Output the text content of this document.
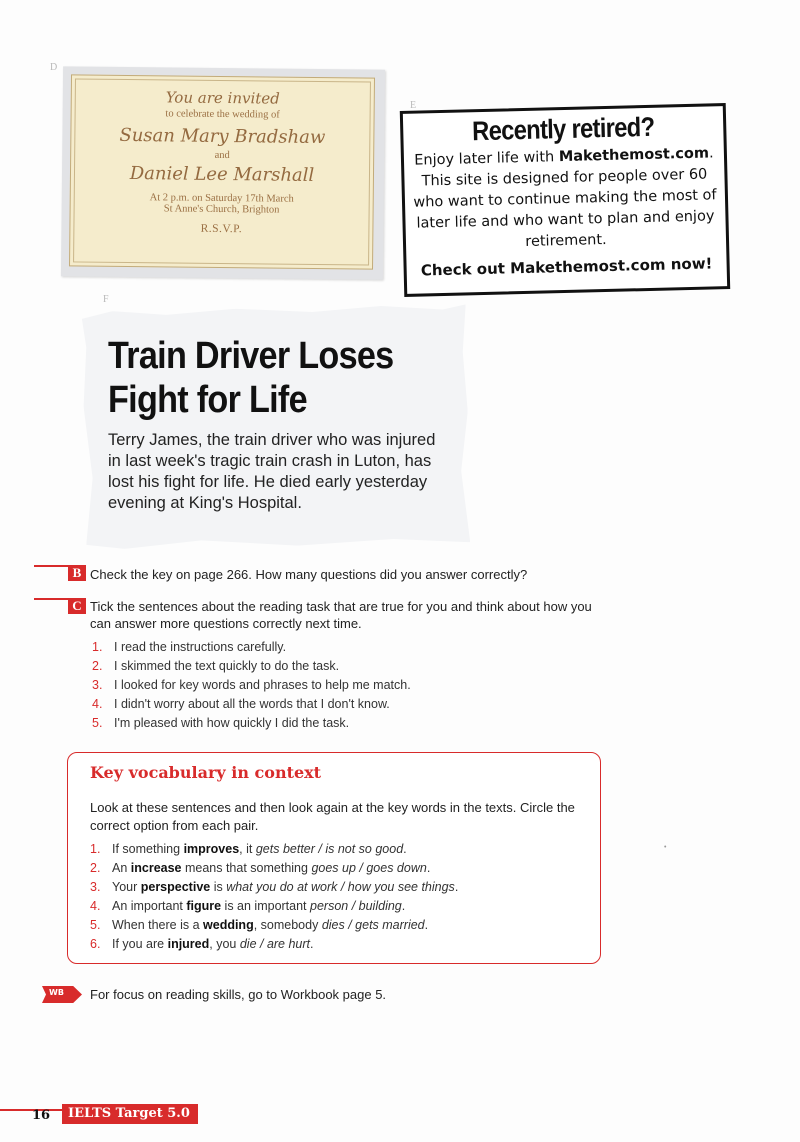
D
E
F
You are invited
to celebrate the wedding of
Susan Mary Bradshaw
and
Daniel Lee Marshall
At 2 p.m. on Saturday 17th March
St Anne's Church, Brighton
R.S.V.P.
Recently retired?
Enjoy later life with Makethemost.com. This site is designed for people over 60 who want to continue making the most of later life and who want to plan and enjoy retirement.
Check out Makethemost.com now!
Train Driver Loses Fight for Life
Terry James, the train driver who was injured in last week's tragic train crash in Luton, has lost his fight for life. He died early yesterday evening at King's Hospital.
B Check the key on page 266. How many questions did you answer correctly?
C Tick the sentences about the reading task that are true for you and think about how you can answer more questions correctly next time.
1. I read the instructions carefully.
2. I skimmed the text quickly to do the task.
3. I looked for key words and phrases to help me match.
4. I didn't worry about all the words that I don't know.
5. I'm pleased with how quickly I did the task.
Key vocabulary in context
Look at these sentences and then look again at the key words in the texts. Circle the correct option from each pair.
1. If something improves, it gets better / is not so good.
2. An increase means that something goes up / goes down.
3. Your perspective is what you do at work / how you see things.
4. An important figure is an important person / building.
5. When there is a wedding, somebody dies / gets married.
6. If you are injured, you die / are hurt.
WB For focus on reading skills, go to Workbook page 5.
•
16	IELTS Target 5.0
